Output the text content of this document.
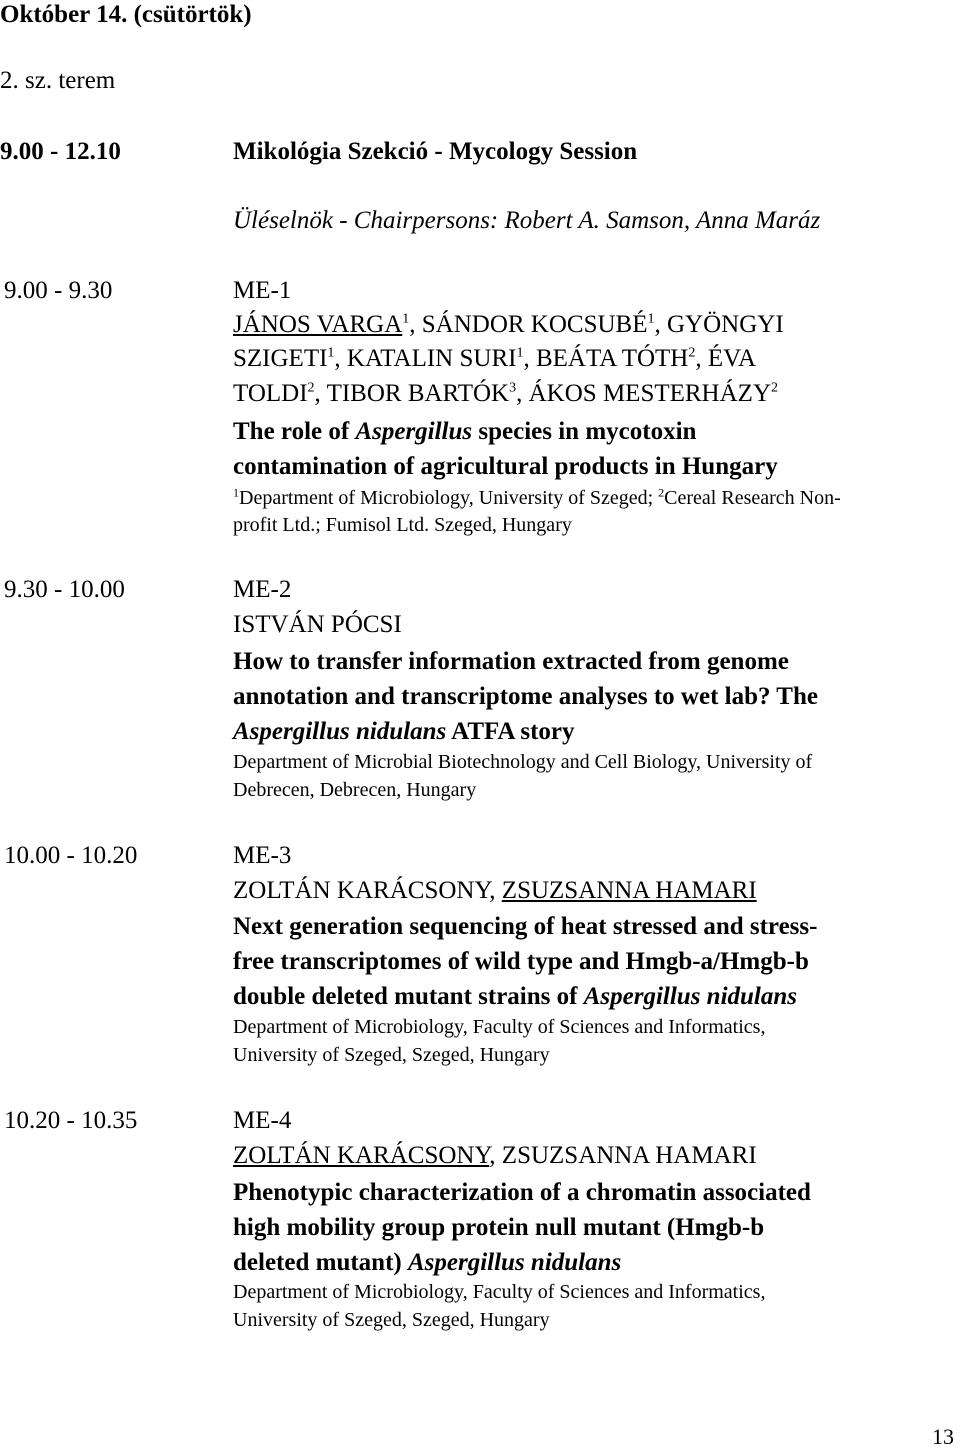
Október 14. (csütörtök)
2. sz. terem
9.00 - 12.10	Mikológia Szekció - Mycology Session
Üléselnök - Chairpersons: Robert A. Samson, Anna Maráz
9.00 - 9.30	ME-1
JÁNOS VARGA$^1$, SÁNDOR KOCSUBÉ$^1$, GYÖNGYI
SZIGETI$^1$, KATALIN SURI$^1$, BEÁTA TÓTH$^2$, ÉVA
TOLDI$^2$, TIBOR BARTÓK$^3$, ÁKOS MESTERHÁZY$^2$
The role of Aspergillus species in mycotoxin
contamination of agricultural products in Hungary
$^1$Department of Microbiology, University of Szeged; $^2$Cereal Research Non-
profit Ltd.; Fumisol Ltd. Szeged, Hungary
9.30 - 10.00	ME-2
ISTVÁN PÓCSI
How to transfer information extracted from genome
annotation and transcriptome analyses to wet lab? The
Aspergillus nidulans ATFA story
Department of Microbial Biotechnology and Cell Biology, University of
Debrecen, Debrecen, Hungary
10.00 - 10.20	ME-3
ZOLTÁN KARÁCSONY, ZSUZSANNA HAMARI
Next generation sequencing of heat stressed and stress-
free transcriptomes of wild type and Hmgb-a/Hmgb-b
double deleted mutant strains of Aspergillus nidulans
Department of Microbiology, Faculty of Sciences and Informatics,
University of Szeged, Szeged, Hungary
10.20 - 10.35	ME-4
ZOLTÁN KARÁCSONY, ZSUZSANNA HAMARI
Phenotypic characterization of a chromatin associated
high mobility group protein null mutant (Hmgb-b
deleted mutant) Aspergillus nidulans
Department of Microbiology, Faculty of Sciences and Informatics,
University of Szeged, Szeged, Hungary
13
